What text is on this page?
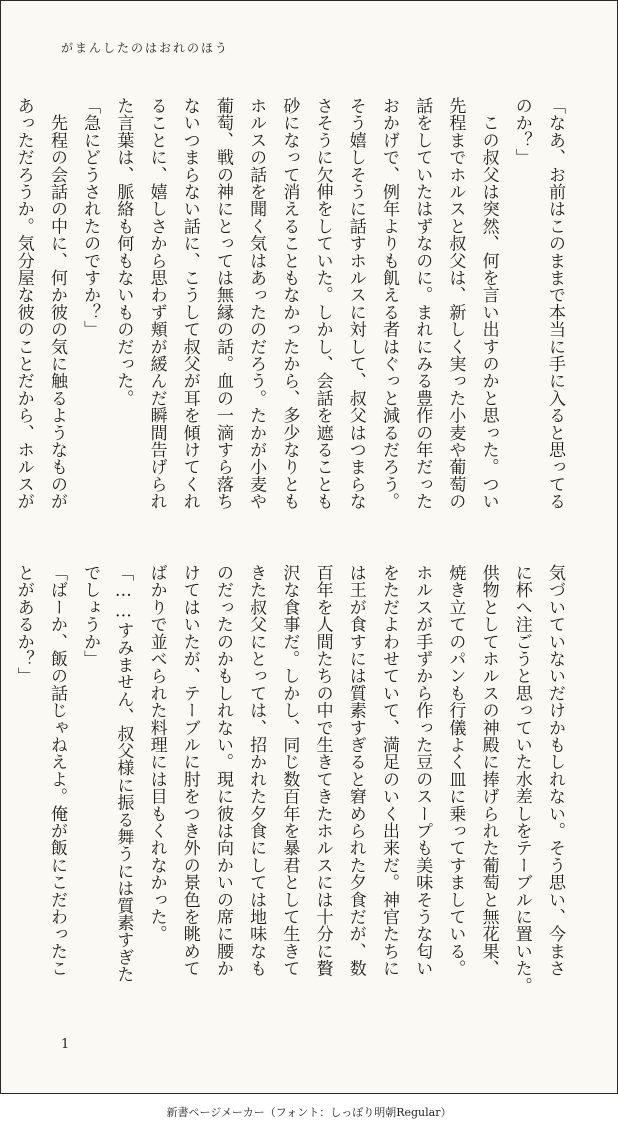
がまんしたのはおれのほう
「なあ、お前はこのままで本当に手に入ると思ってる
のか？」
　この叔父は突然、何を言い出すのかと思った。つい
先程までホルスと叔父は、新しく実った小麦や葡萄の
話をしていたはずなのに。まれにみる豊作の年だった
おかげで、例年よりも飢える者はぐっと減るだろう。
そう嬉しそうに話すホルスに対して、叔父はつまらな
さそうに欠伸をしていた。しかし、会話を遮ることも
砂になって消えることもなかったから、多少なりとも
ホルスの話を聞く気はあったのだろう。たかが小麦や
葡萄、戦の神にとっては無縁の話。血の一滴すら落ち
ないつまらない話に、こうして叔父が耳を傾けてくれ
ることに、嬉しさから思わず頬が緩んだ瞬間告げられ
た言葉は、脈絡も何もないものだった。
「急にどうされたのですか？」
　先程の会話の中に、何か彼の気に触るようなものが
あっただろうか。気分屋な彼のことだから、ホルスが
気づいていないだけかもしれない。そう思い、今まさ
に杯へ注ごうと思っていた水差しをテーブルに置いた。
供物としてホルスの神殿に捧げられた葡萄と無花果、
焼き立てのパンも行儀よく皿に乗ってすましている。
ホルスが手ずから作った豆のスープも美味そうな匂い
をただよわせていて、満足のいく出来だ。神官たちに
は王が食すには質素すぎると窘められた夕食だが、数
百年を人間たちの中で生きてきたホルスには十分に贅
沢な食事だ。しかし、同じ数百年を暴君として生きて
きた叔父にとっては、招かれた夕食にしては地味なも
のだったのかもしれない。現に彼は向かいの席に腰か
けてはいたが、テーブルに肘をつき外の景色を眺めて
ばかりで並べられた料理には目もくれなかった。
「……すみません、叔父様に振る舞うには質素すぎた
でしょうか」
「ばーか、飯の話じゃねえよ。俺が飯にこだわったこ
とがあるか？」
1
新書ページメーカー（フォント：しっぽり明朝Regular）
